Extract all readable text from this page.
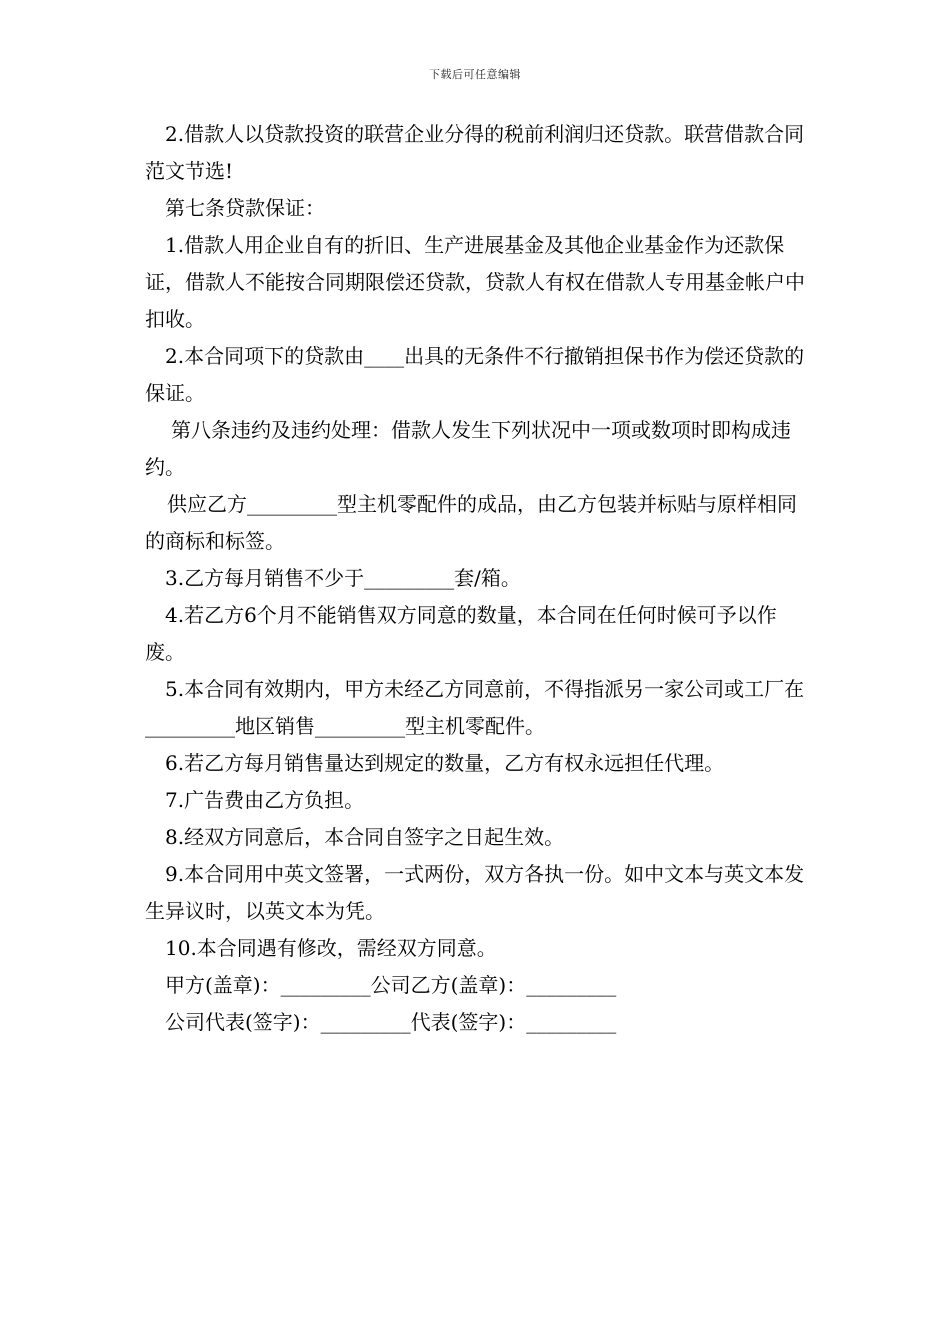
下载后可任意编辑

2.借款人以贷款投资的联营企业分得的税前利润归还贷款。联营借款合同范文节选!

第七条贷款保证：

1.借款人用企业自有的折旧、生产进展基金及其他企业基金作为还款保证，借款人不能按合同期限偿还贷款，贷款人有权在借款人专用基金帐户中扣收。

2.本合同项下的贷款由____出具的无条件不行撤销担保书作为偿还贷款的保证。

第八条违约及违约处理：借款人发生下列状况中一项或数项时即构成违约。

供应乙方_________型主机零配件的成品，由乙方包装并标贴与原样相同的商标和标签。

3.乙方每月销售不少于_________套/箱。

4.若乙方6个月不能销售双方同意的数量，本合同在任何时候可予以作废。

5.本合同有效期内，甲方未经乙方同意前，不得指派另一家公司或工厂在_________地区销售_________型主机零配件。

6.若乙方每月销售量达到规定的数量，乙方有权永远担任代理。

7.广告费由乙方负担。

8.经双方同意后，本合同自签字之日起生效。

9.本合同用中英文签署，一式两份，双方各执一份。如中文本与英文本发生异议时，以英文本为凭。

10.本合同遇有修改，需经双方同意。

甲方(盖章)：_________公司乙方(盖章)：_________

公司代表(签字)：_________代表(签字)：_________
